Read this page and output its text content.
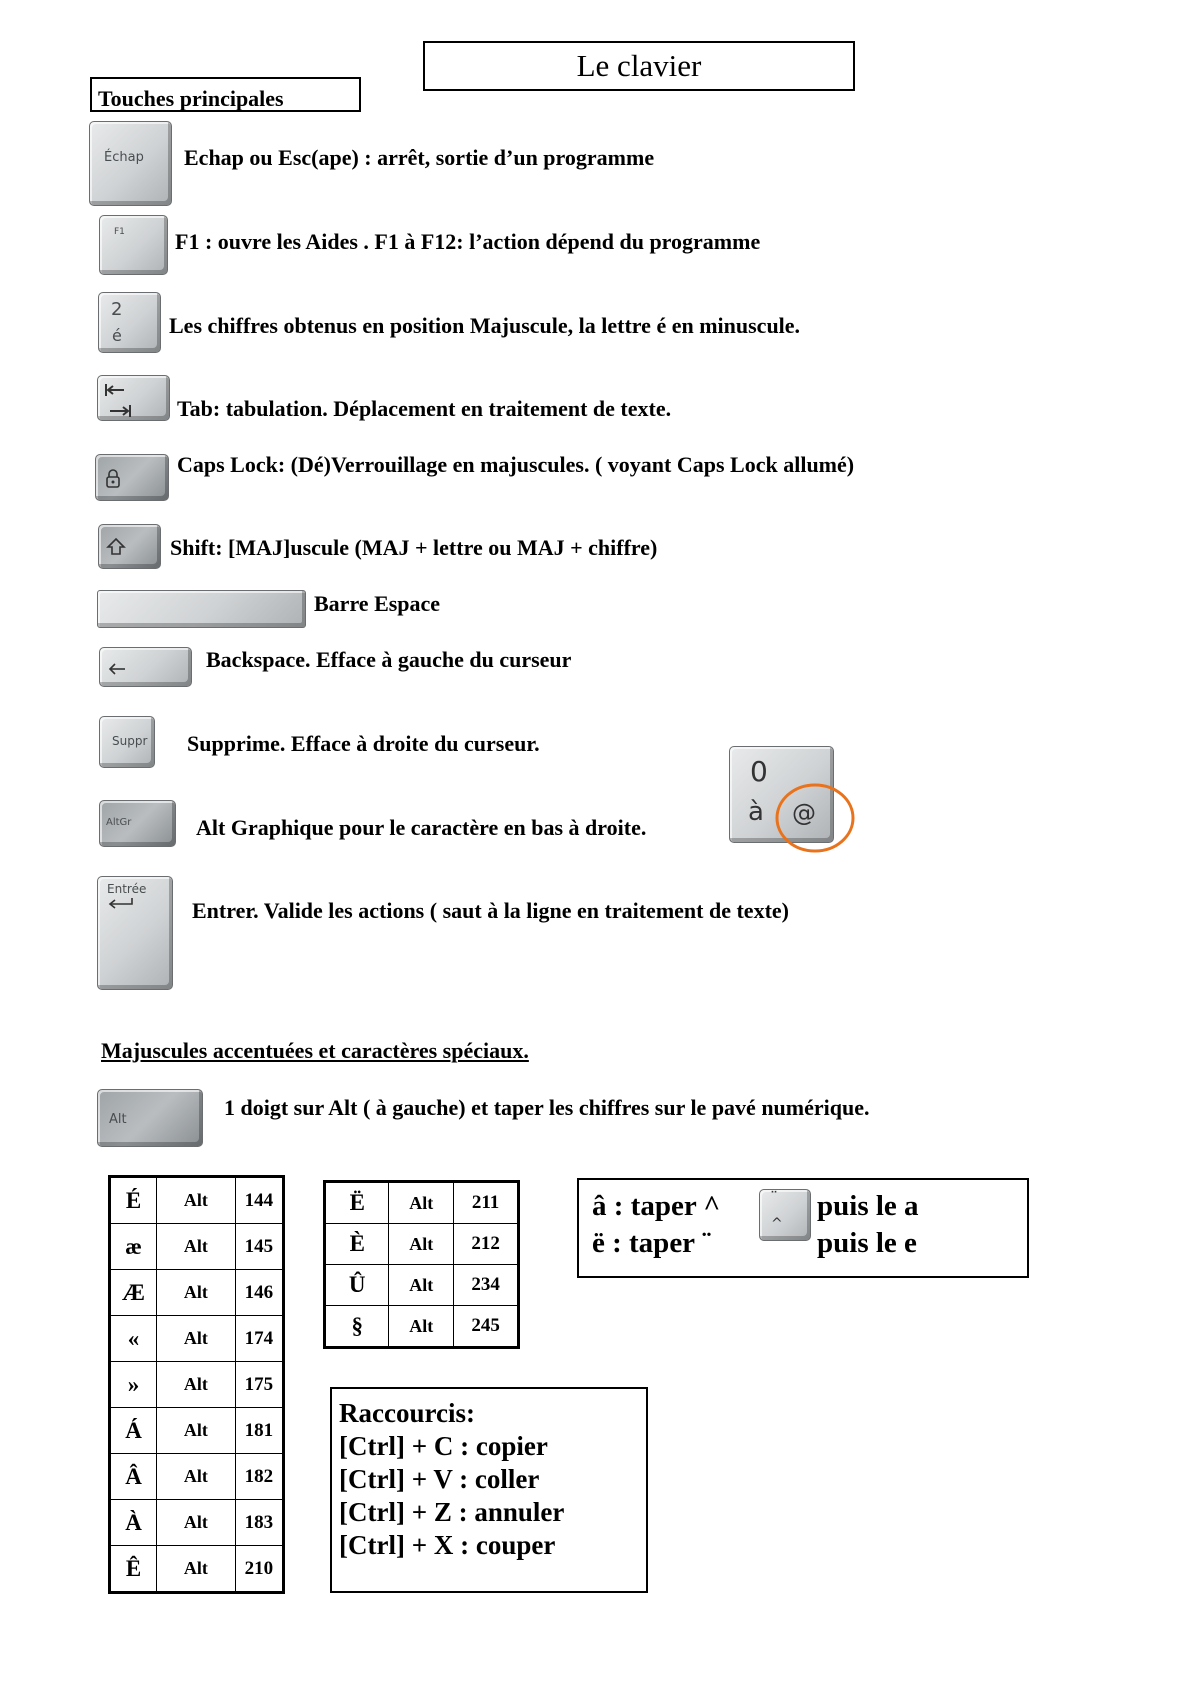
Le clavier
Touches principales
Échap Echap ou Esc(ape) : arrêt, sortie d’un programme
F1 F1 : ouvre les Aides . F1 à F12: l’action dépend du programme
2
é Les chiffres obtenus en position Majuscule, la lettre é en minuscule.
Tab: tabulation. Déplacement en traitement de texte.
Caps Lock: (Dé)Verrouillage en majuscules. ( voyant Caps Lock allumé)
Shift: [MAJ]uscule (MAJ + lettre ou MAJ + chiffre)
Barre Espace
Backspace. Efface à gauche du curseur
Suppr Supprime. Efface à droite du curseur.
AltGr	Alt Graphique pour le caractère en bas à droite.
0
à @
Entrée
Entrer. Valide les actions ( saut à la ligne en traitement de texte)
Majuscules accentuées et caractères spéciaux.
Alt	1 doigt sur Alt ( à gauche) et taper les chiffres sur le pavé numérique.
É	Alt	144
æ	Alt	145
Æ	Alt	146
«	Alt	174
»	Alt	175
Á	Alt	181
Â	Alt	182
À	Alt	183
Ê	Alt	210
Ë	Alt	211
È	Alt	212
Û	Alt	234
§	Alt	245
â : taper ^
ë : taper ¨
puis le a
puis le e
¨
^
Raccourcis:
[Ctrl] + C : copier
[Ctrl] + V : coller
[Ctrl] + Z : annuler
[Ctrl] + X : couper
